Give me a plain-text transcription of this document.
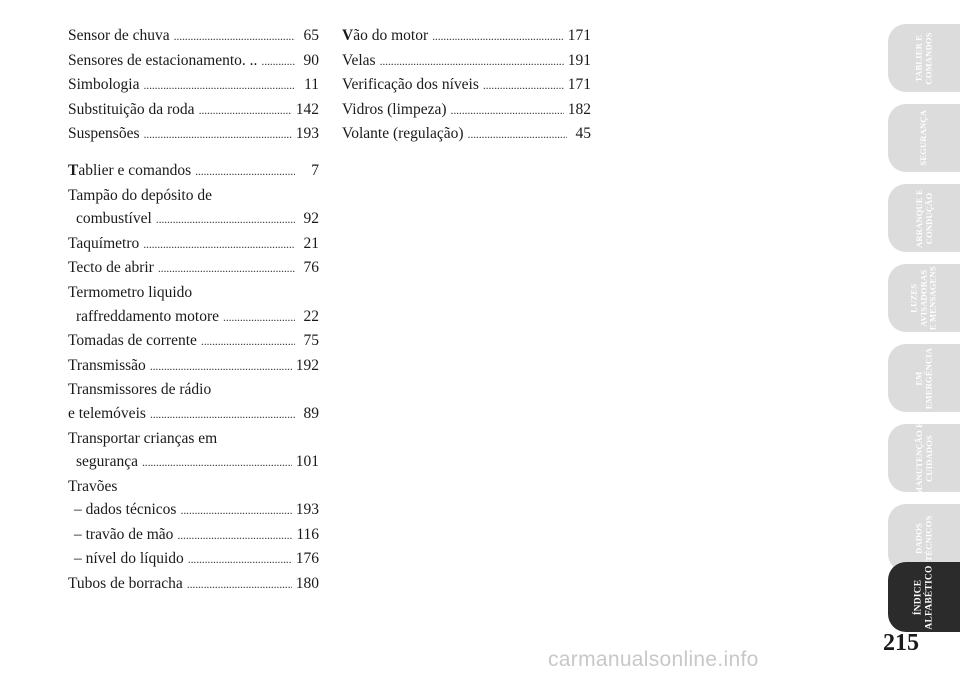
Sensor de chuva . . .	65
Sensores de estacionamento. .. . . .	90
Simbologia . . .	11
Substituição da roda . . .	142
Suspensões . . .	193
Tablier e comandos . . .	7
Tampão do depósito de
combustível . . .	92
Taquímetro . . .	21
Tecto de abrir . . .	76
Termometro liquido
raffreddamento motore . . .	22
Tomadas de corrente . . .	75
Transmissão . . .	192
Transmissores de rádio
e telemóveis . . .	89
Transportar crianças em
segurança . . .	101
Travões
– dados técnicos . . .	193
– travão de mão . . .	116
– nível do líquido . . .	176
Tubos de borracha . . .	180
Vão do motor . . .	171
Velas . . .	191
Verificação dos níveis . . .	171
Vidros (limpeza) . . .	182
Volante (regulação) . . .	45
TABLIER E
COMANDOS
SEGURANÇA
ARRANQUE E
CONDUÇÃO
LUZES
AVISADORAS
E MENSAGENS
EM
EMERGÊNCIA
MANUTENÇÃO E
CUIDADOS
DADOS
TÉCNICOS
ÍNDICE
ALFABÉTICO
215
carmanualsonline.info
